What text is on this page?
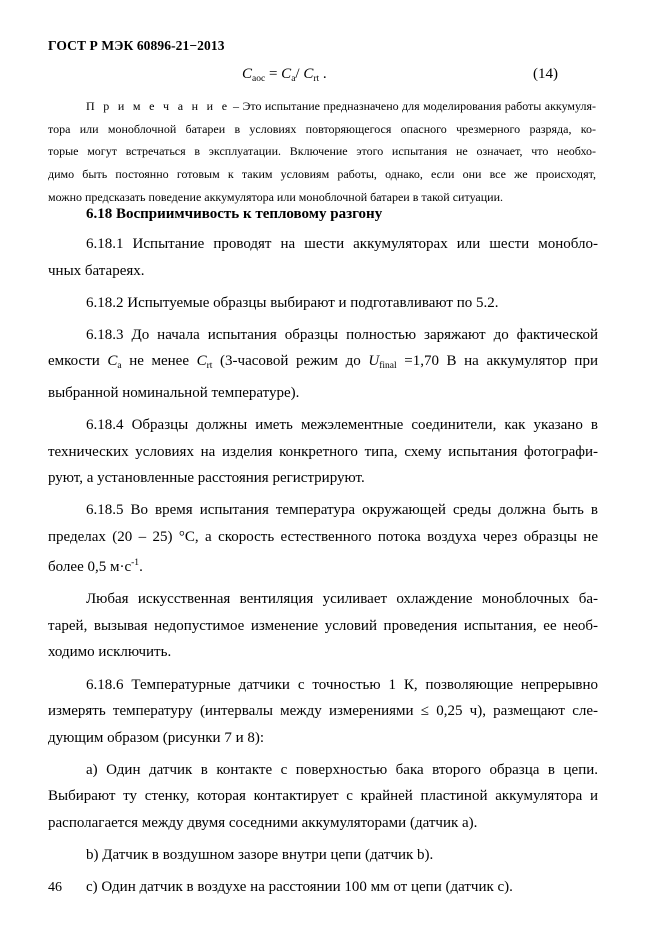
ГОСТ Р МЭК 60896-21−2013
$C_{aoc} = C_a/$ $C_{rt}$ .	(14)
П р и м е ч а н и е – Это испытание предназначено для моделирования работы аккумуля-
тора или моноблочной батареи в условиях повторяющегося опасного чрезмерного разряда, ко-
торые могут встречаться в эксплуатации. Включение этого испытания не означает, что необхо-
димо быть постоянно готовым к таким условиям работы, однако, если они все же происходят,
можно предсказать поведение аккумулятора или моноблочной батареи в такой ситуации.
6.18 Восприимчивость к тепловому разгону

6.18.1 Испытание проводят на шести аккумуляторах или шести монобло-
чных батареях.

6.18.2 Испытуемые образцы выбирают и подготавливают по 5.2.

6.18.3 До начала испытания образцы полностью заряжают до фактической
емкости $C_a$ не менее $C_{rt}$ (3-часовой режим до $U_{final} =1,70$ В на аккумулятор при
выбранной номинальной температуре).

6.18.4 Образцы должны иметь межэлементные соединители, как указано в
технических условиях на изделия конкретного типа, схему испытания фотографи-
руют, а установленные расстояния регистрируют.

6.18.5 Во время испытания температура окружающей среды должна быть в
пределах (20 – 25) °С, а скорость естественного потока воздуха через образцы не
более 0,5 $м\cdot с^{-1}$.

Любая искусственная вентиляция усиливает охлаждение моноблочных ба-
тарей, вызывая недопустимое изменение условий проведения испытания, ее необ-
ходимо исключить.

6.18.6 Температурные датчики с точностью 1 К, позволяющие непрерывно
измерять температуру (интервалы между измерениями ≤ 0,25 ч), размещают сле-
дующим образом (рисунки 7 и 8):

а) Один датчик в контакте с поверхностью бака второго образца в цепи.
Выбирают ту стенку, которая контактирует с крайней пластиной аккумулятора и
располагается между двумя соседними аккумуляторами (датчик а).

b) Датчик в воздушном зазоре внутри цепи (датчик b).

c) Один датчик в воздухе на расстоянии 100 мм от цепи (датчик с).

46
